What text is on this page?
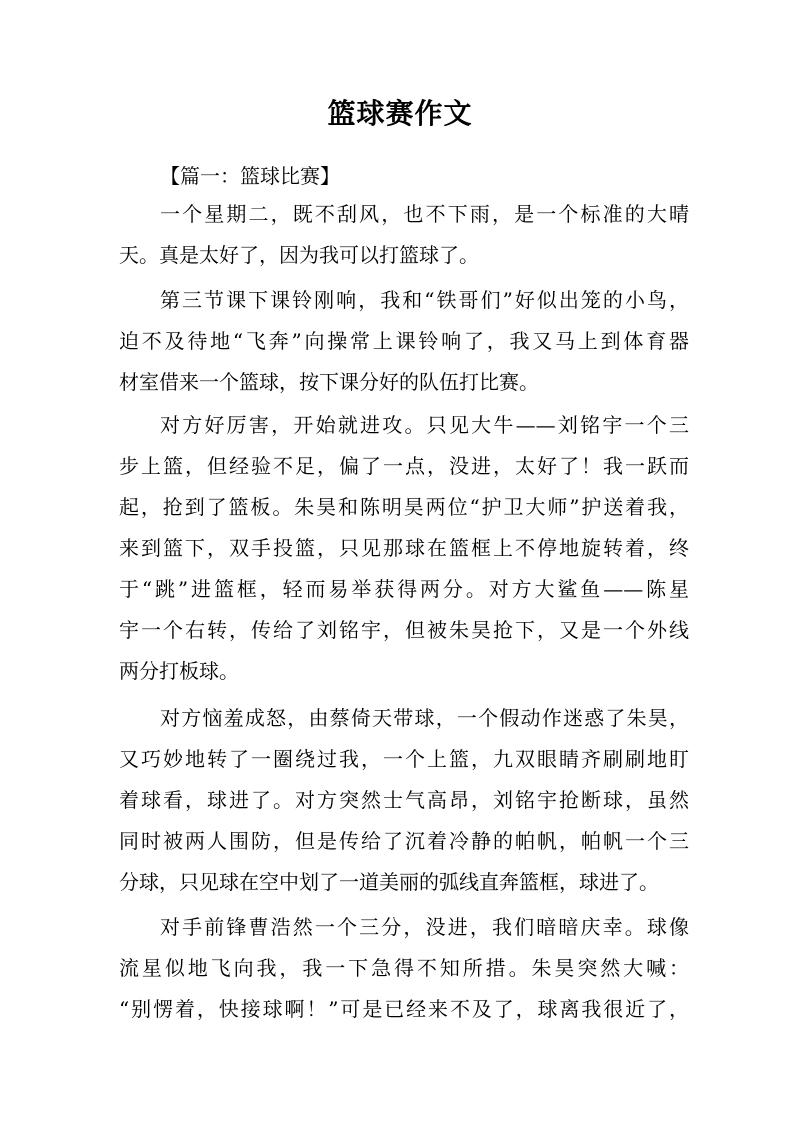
篮球赛作文
【篇一：篮球比赛】
一个星期二，既不刮风，也不下雨，是一个标准的大晴
天。真是太好了，因为我可以打篮球了。
第三节课下课铃刚响，我和“铁哥们”好似出笼的小鸟，
迫不及待地“飞奔”向操常上课铃响了，我又马上到体育器
材室借来一个篮球，按下课分好的队伍打比赛。
对方好厉害，开始就进攻。只见大牛——刘铭宇一个三
步上篮，但经验不足，偏了一点，没进，太好了！我一跃而
起，抢到了篮板。朱昊和陈明昊两位“护卫大师”护送着我，
来到篮下，双手投篮，只见那球在篮框上不停地旋转着，终
于“跳”进篮框，轻而易举获得两分。对方大鲨鱼——陈星
宇一个右转，传给了刘铭宇，但被朱昊抢下，又是一个外线
两分打板球。
对方恼羞成怒，由蔡倚天带球，一个假动作迷惑了朱昊，
又巧妙地转了一圈绕过我，一个上篮，九双眼睛齐刷刷地盯
着球看，球进了。对方突然士气高昂，刘铭宇抢断球，虽然
同时被两人围防，但是传给了沉着冷静的帕帆，帕帆一个三
分球，只见球在空中划了一道美丽的弧线直奔篮框，球进了。
对手前锋曹浩然一个三分，没进，我们暗暗庆幸。球像
流星似地飞向我，我一下急得不知所措。朱昊突然大喊：
“别愣着，快接球啊！”可是已经来不及了，球离我很近了，
